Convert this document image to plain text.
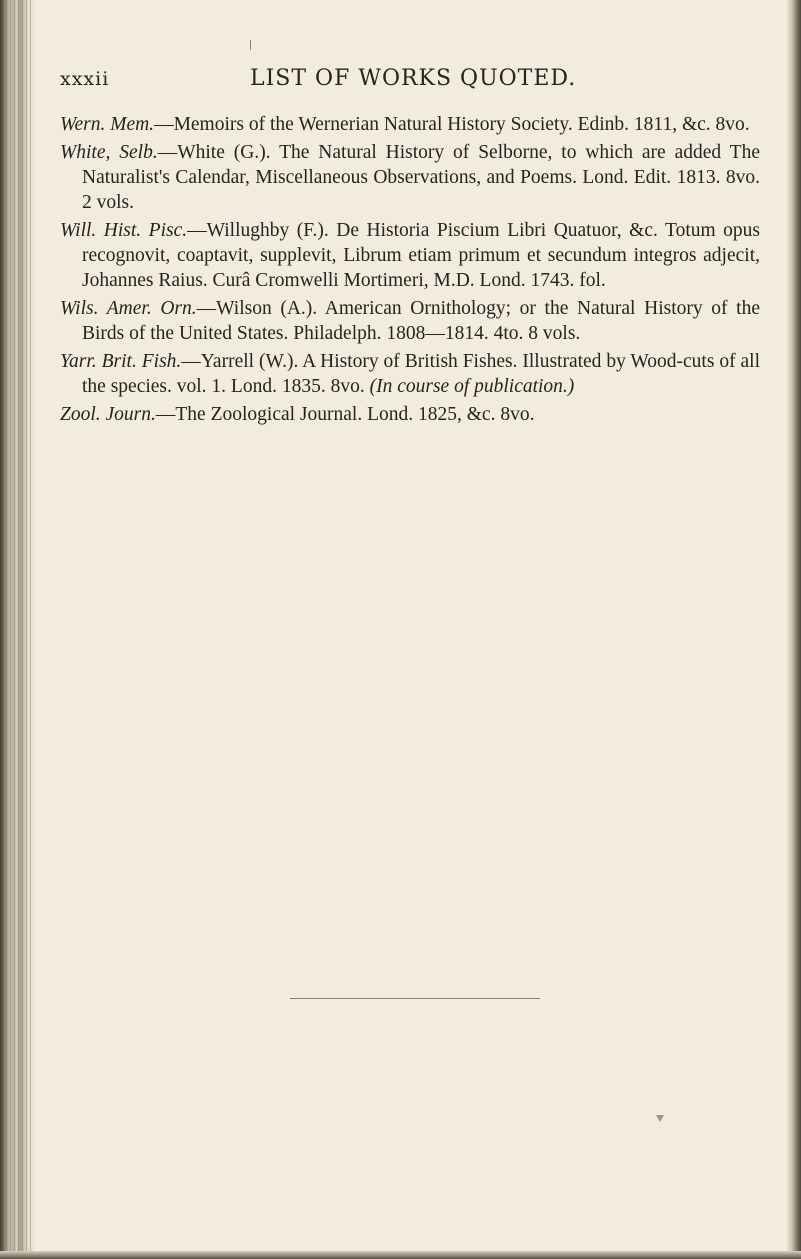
xxxii	LIST OF WORKS QUOTED.

Wern. Mem.—Memoirs of the Wernerian Natural History Society. Edinb. 1811, &c. 8vo.

White, Selb.—White (G.). The Natural History of Selborne, to which are added The Naturalist's Calendar, Miscellaneous Observations, and Poems. Lond. Edit. 1813. 8vo. 2 vols.

Will. Hist. Pisc.—Willughby (F.). De Historia Piscium Libri Quatuor, &c. Totum opus recognovit, coaptavit, supplevit, Librum etiam primum et secundum integros adjecit, Johannes Raius. Curâ Cromwelli Mortimeri, M.D. Lond. 1743. fol.

Wils. Amer. Orn.—Wilson (A.). American Ornithology; or the Natural History of the Birds of the United States. Philadelph. 1808—1814. 4to. 8 vols.

Yarr. Brit. Fish.—Yarrell (W.). A History of British Fishes. Illustrated by Wood-cuts of all the species. vol. 1. Lond. 1835. 8vo. (In course of publication.)

Zool. Journ.—The Zoological Journal. Lond. 1825, &c. 8vo.
